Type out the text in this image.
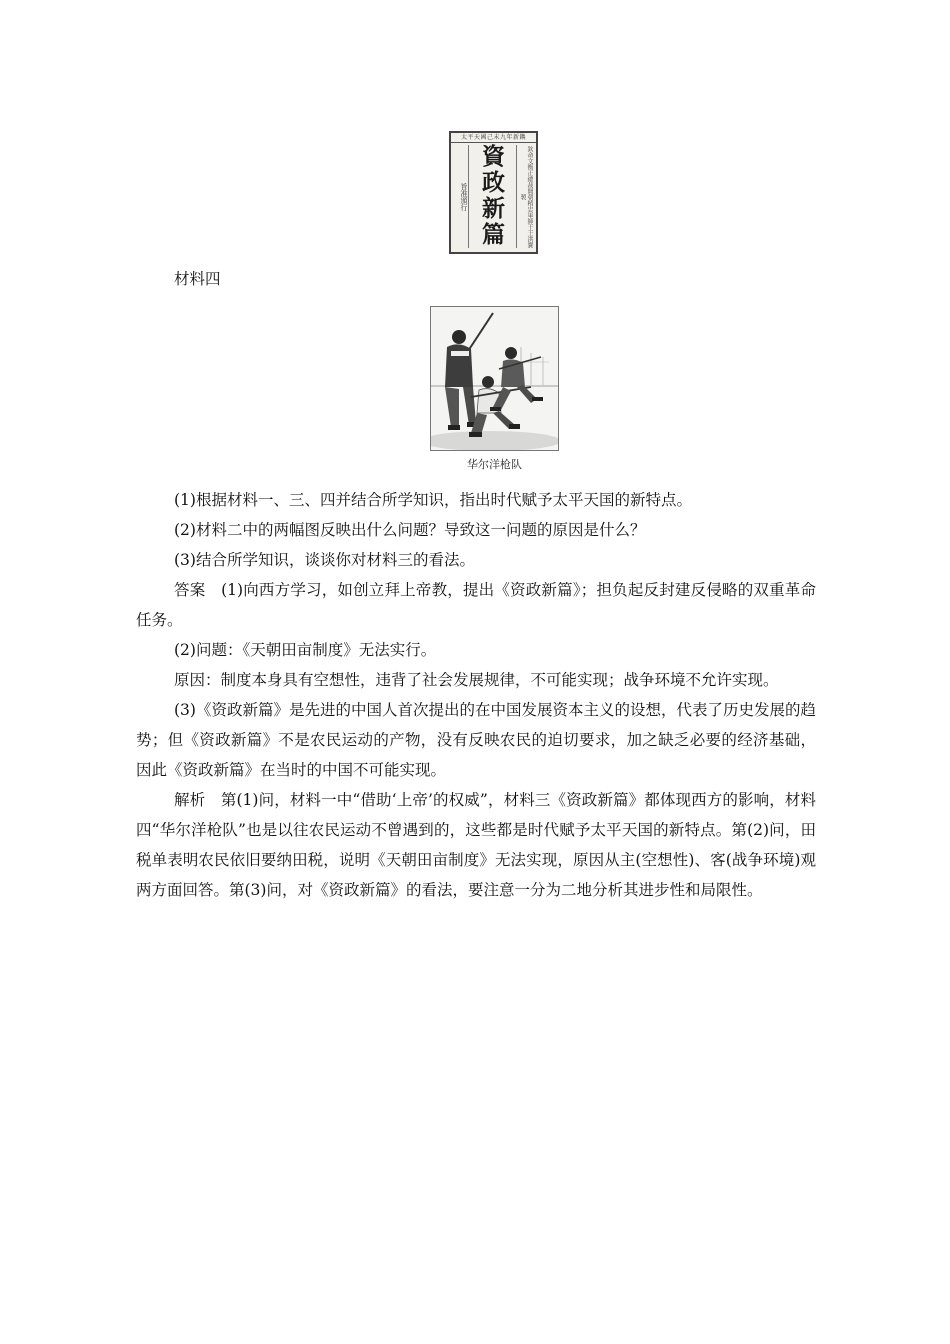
太平天國己未九年新鐫
旨准頒行	欽命文衡正總裁開朝精忠軍師干王洪寶製
資
政
新
篇
材料四
华尔洋枪队

(1)根据材料一、三、四并结合所学知识，指出时代赋予太平天国的新特点。

(2)材料二中的两幅图反映出什么问题？导致这一问题的原因是什么？

(3)结合所学知识，谈谈你对材料三的看法。

答案　(1)向西方学习，如创立拜上帝教，提出《资政新篇》；担负起反封建反侵略的双重革命任务。

(2)问题：《天朝田亩制度》无法实行。

原因：制度本身具有空想性，违背了社会发展规律，不可能实现；战争环境不允许实现。

(3)《资政新篇》是先进的中国人首次提出的在中国发展资本主义的设想，代表了历史发展的趋势；但《资政新篇》不是农民运动的产物，没有反映农民的迫切要求，加之缺乏必要的经济基础，因此《资政新篇》在当时的中国不可能实现。

解析　第(1)问，材料一中“借助‘上帝’的权威”，材料三《资政新篇》都体现西方的影响，材料四“华尔洋枪队”也是以往农民运动不曾遇到的，这些都是时代赋予太平天国的新特点。第(2)问，田税单表明农民依旧要纳田税，说明《天朝田亩制度》无法实现，原因从主(空想性)、客(战争环境)观两方面回答。第(3)问，对《资政新篇》的看法，要注意一分为二地分析其进步性和局限性。
